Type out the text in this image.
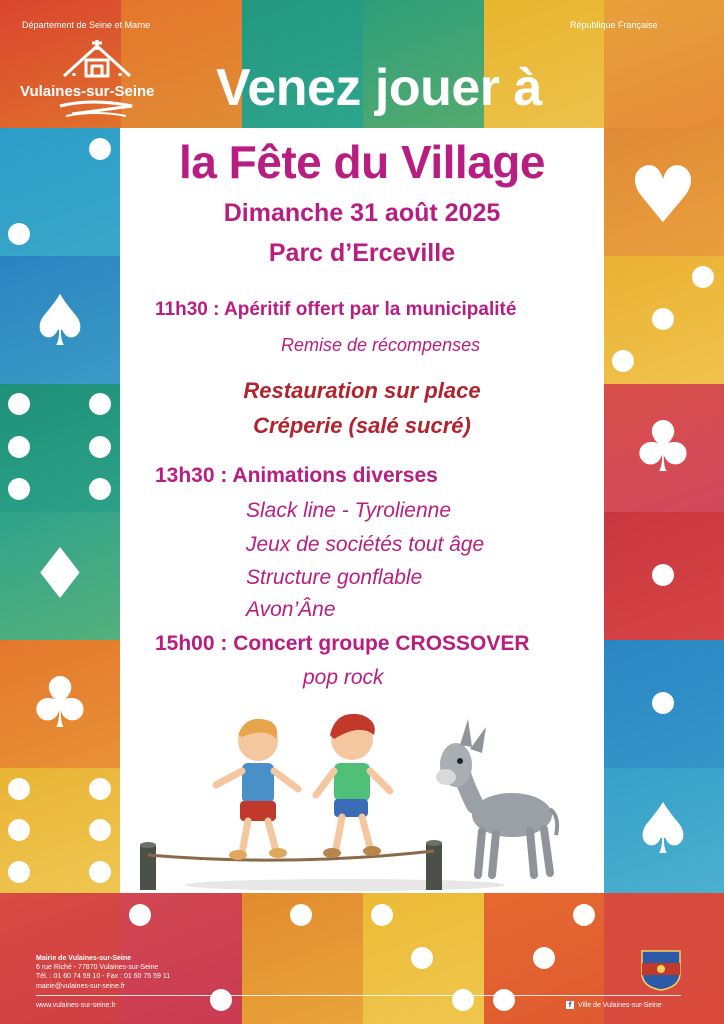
♥
♠
♣
♦
♣
♠
Département de Seine et Marne	République Française
Vulaines-sur-Seine Venez jouer à
la Fête du Village
Dimanche 31 août 2025
Parc d’Erceville
11h30 : Apéritif offert par la municipalité
Remise de récompenses
Restauration sur place
Créperie (salé sucré)
13h30 : Animations diverses
Slack line - Tyrolienne
Jeux de sociétés tout âge
Structure gonflable
Avon’Âne
15h00 : Concert groupe CROSSOVER
pop rock
Mairie de Vulaines-sur-Seine
6 rue Riché - 77870 Vulaines-sur-Seine
Tél. : 01 60 74 59 10 - Fax : 01 60 75 59 11
mairie@vulaines-sur-seine.fr
www.vulaines-sur-seine.fr	f Ville de Vulaines-sur-Seine
